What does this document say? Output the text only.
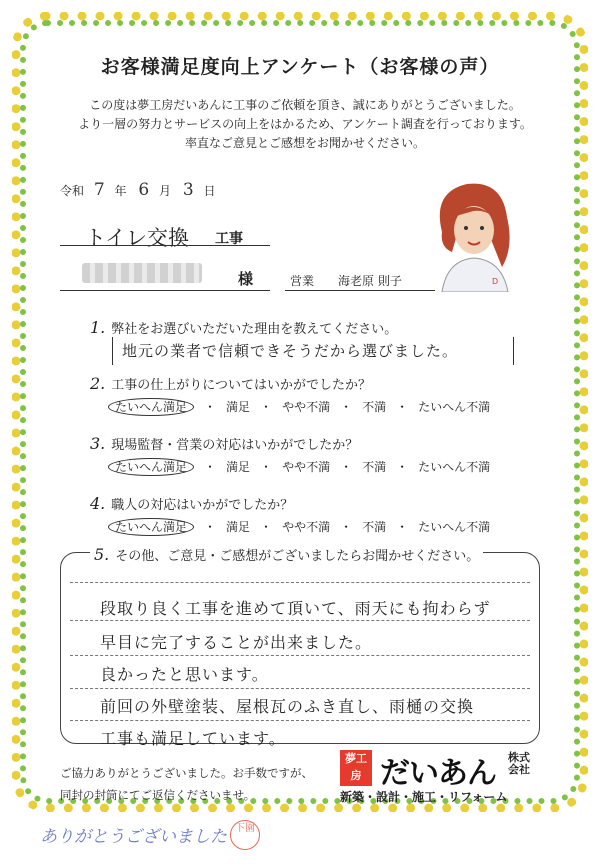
お客様満足度向上アンケート（お客様の声）
この度は夢工房だいあんに工事のご依頼を頂き、誠にありがとうございました。
より一層の努力とサービスの向上をはかるため、アンケート調査を行っております。
率直なご意見とご感想をお聞かせください。
令和 7 年 6 月 3 日
トイレ交換 工事
様	営業 海老原 則子	D
1. 弊社をお選びいただいた理由を教えてください。
地元の業者で信頼できそうだから選びました。
2. 工事の仕上がりについてはいかがでしたか？
たいへん満足 ・ 満足 ・ やや不満 ・ 不満 ・ たいへん不満
3. 現場監督・営業の対応はいかがでしたか？
たいへん満足 ・ 満足 ・ やや不満 ・ 不満 ・ たいへん不満
4. 職人の対応はいかがでしたか？
たいへん満足 ・ 満足 ・ やや不満 ・ 不満 ・ たいへん不満
5. その他、ご意見・ご感想がございましたらお聞かせください。
段取り良く工事を進めて頂いて、雨天にも拘わらず
早目に完了することが出来ました。
良かったと思います。
前回の外壁塗装、屋根瓦のふき直し、雨樋の交換
工事も満足しています。
ご協力ありがとうございました。お手数ですが、
同封の封筒にてご返信くださいませ。
夢工房 だいあん 株式会社
新築・設計・施工・リフォーム
ありがとうございました 下園
